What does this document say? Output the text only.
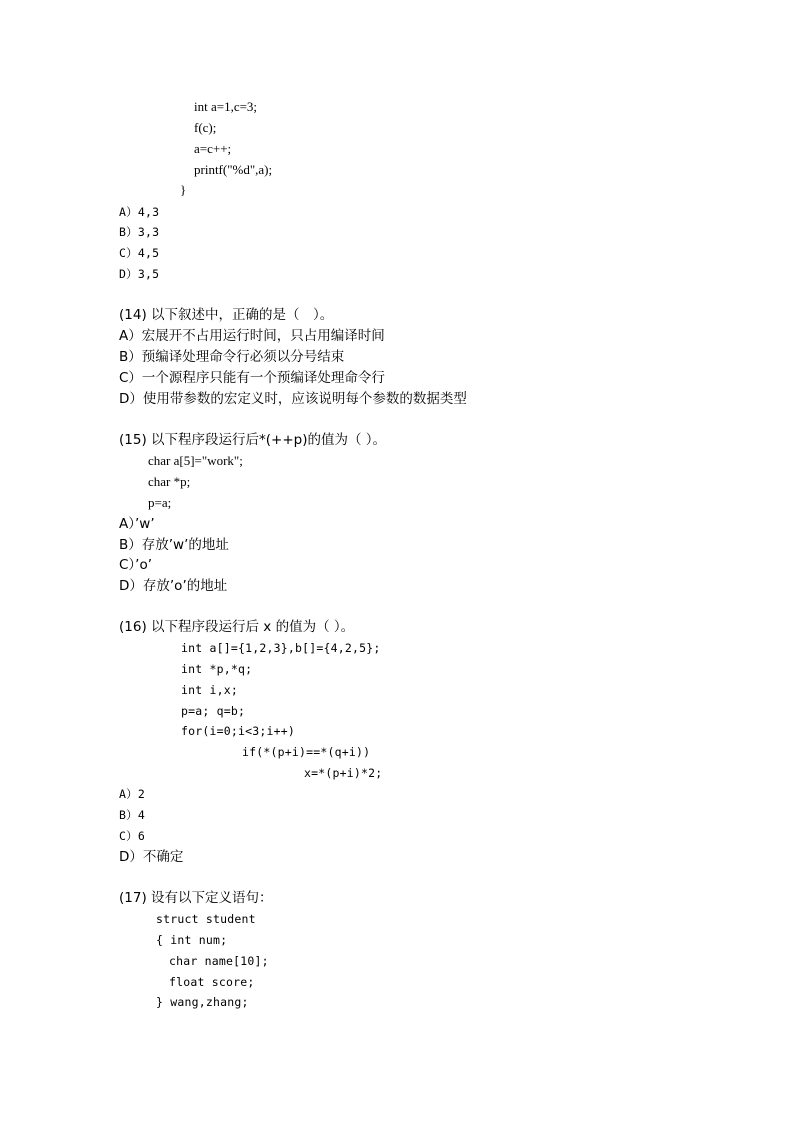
int a=1,c=3;
f(c);
a=c++;
printf("%d",a);
}
A）4,3
B）3,3
C）4,5
D）3,5
(14) 以下叙述中，正确的是（　）。
A）宏展开不占用运行时间，只占用编译时间
B）预编译处理命令行必须以分号结束
C）一个源程序只能有一个预编译处理命令行
D）使用带参数的宏定义时，应该说明每个参数的数据类型
(15) 以下程序段运行后*(++p)的值为（ ）。
char a[5]="work";
char *p;
p=a;
A）’w’
B）存放’w’的地址
C）’o’
D）存放’o’的地址
(16) 以下程序段运行后 x 的值为（ ）。
int a[]={1,2,3},b[]={4,2,5};
int *p,*q;
int i,x;
p=a; q=b;
for(i=0;i<3;i++)
if(*(p+i)==*(q+i))
x=*(p+i)*2;
A）2
B）4
C）6
D）不确定
(17) 设有以下定义语句：
struct student
{ int num;
char name[10];
float score;
} wang,zhang;
